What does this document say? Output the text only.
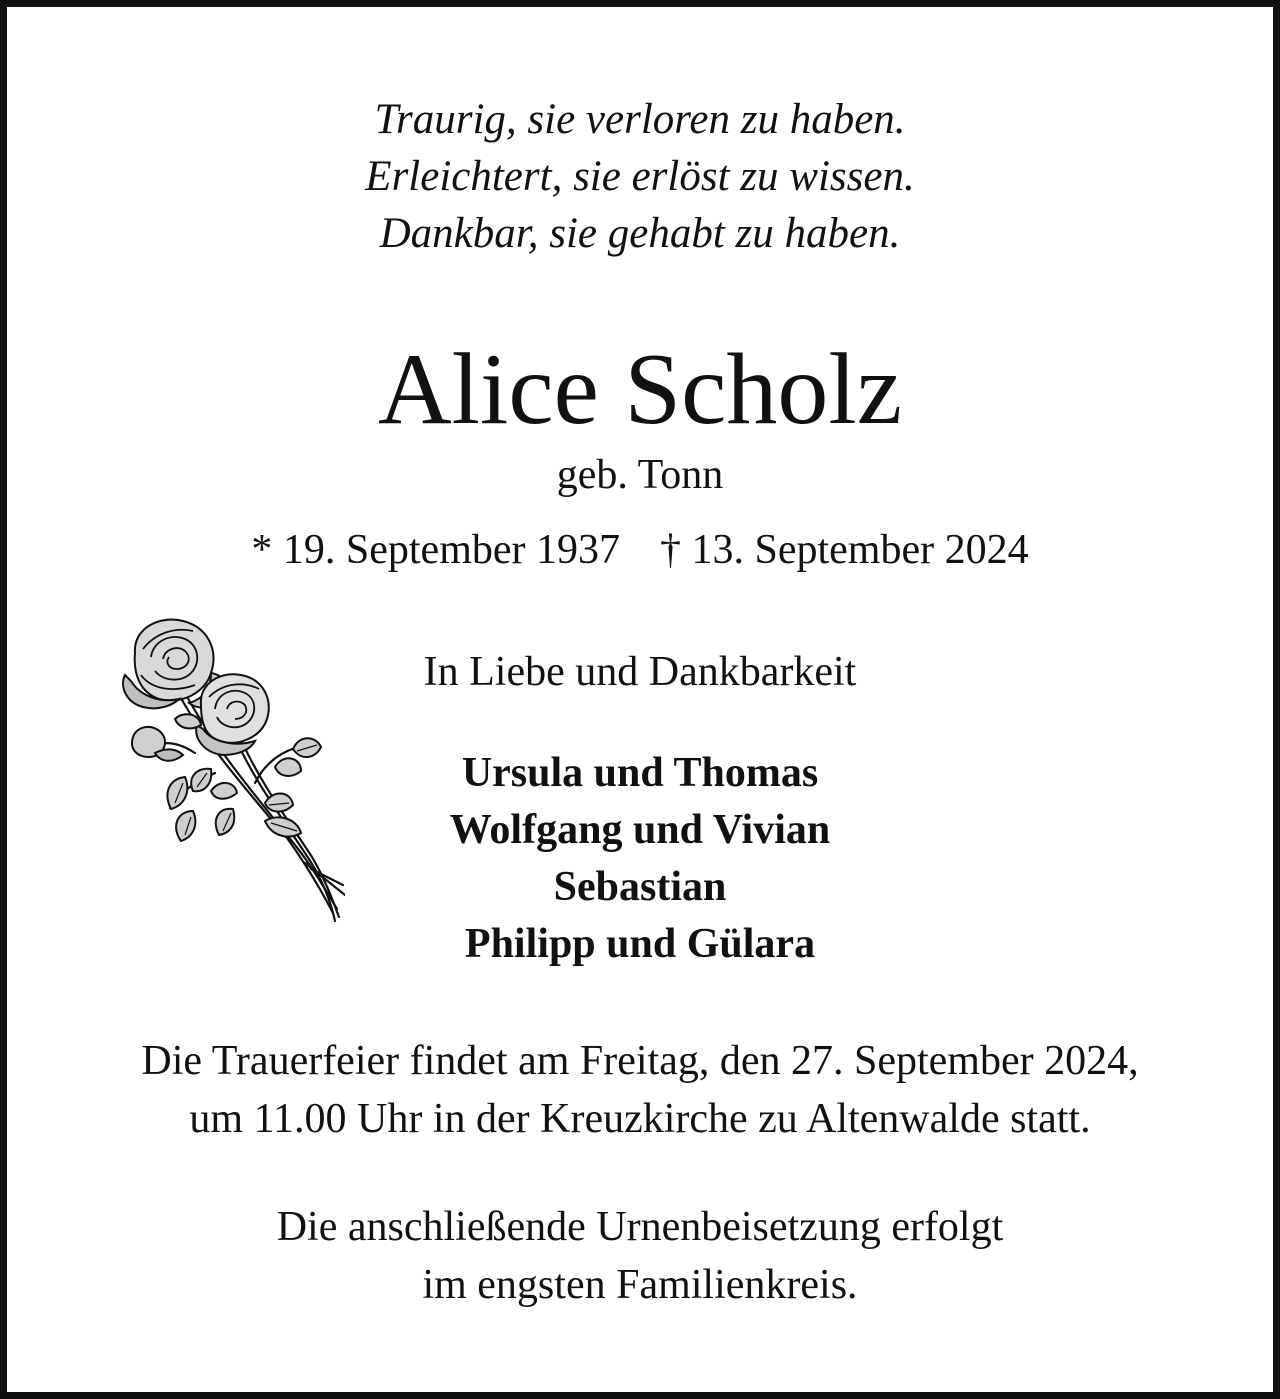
Traurig, sie verloren zu haben.

Erleichtert, sie erlöst zu wissen.

Dankbar, sie gehabt zu haben.

Alice Scholz

geb. Tonn

* 19. September 1937 † 13. September 2024

In Liebe und Dankbarkeit

Ursula und Thomas

Wolfgang und Vivian

Sebastian

Philipp und Gülara

Die Trauerfeier findet am Freitag, den 27. September 2024,

um 11.00 Uhr in der Kreuzkirche zu Altenwalde statt.

Die anschließende Urnenbeisetzung erfolgt

im engsten Familienkreis.
